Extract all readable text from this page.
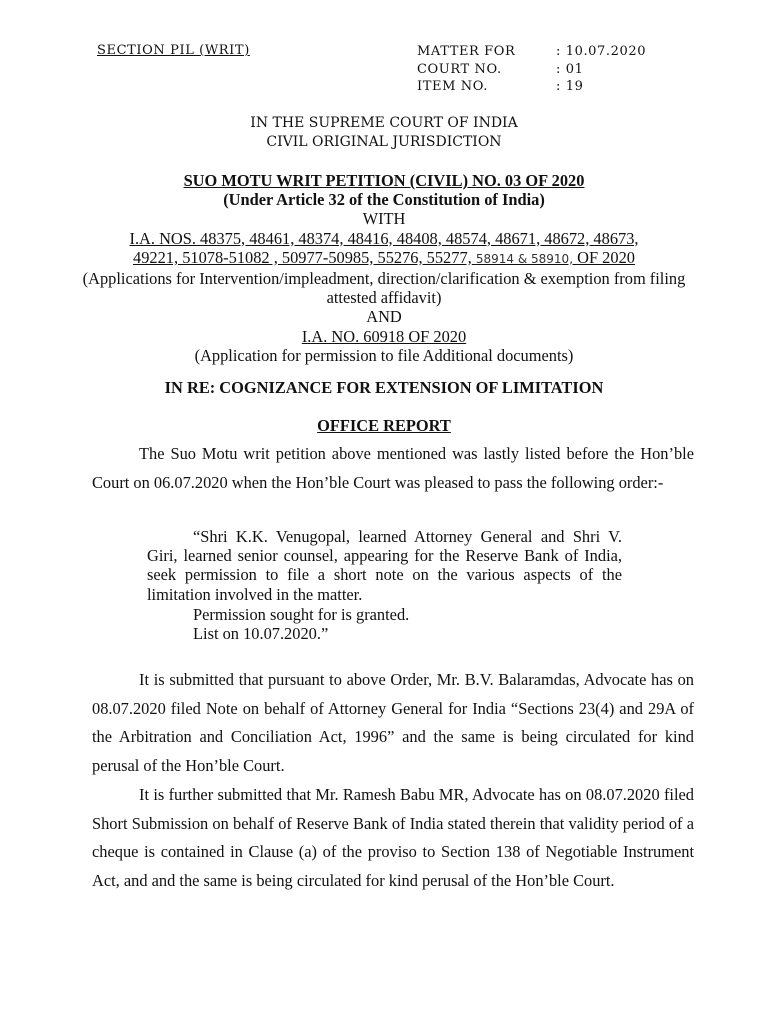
SECTION PIL (WRIT)	MATTER FOR	: 10.07.2020
COURT NO.	: 01
ITEM NO.	: 19
IN THE SUPREME COURT OF INDIA
CIVIL ORIGINAL JURISDICTION
SUO MOTU WRIT PETITION (CIVIL) NO. 03 OF 2020
(Under Article 32 of the Constitution of India)
WITH
I.A. NOS. 48375, 48461, 48374, 48416, 48408, 48574, 48671, 48672, 48673,
49221, 51078-51082 , 50977-50985, 55276, 55277, 58914 & 58910, OF 2020
(Applications for Intervention/impleadment, direction/clarification & exemption from filing attested affidavit)
AND
I.A. NO. 60918 OF 2020
(Application for permission to file Additional documents)
IN RE: COGNIZANCE FOR EXTENSION OF LIMITATION
OFFICE REPORT
The Suo Motu writ petition above mentioned was lastly listed before the Hon’ble Court on 06.07.2020 when the Hon’ble Court was pleased to pass the following order:-
“Shri K.K. Venugopal, learned Attorney General and Shri V. Giri, learned senior counsel, appearing for the Reserve Bank of India, seek permission to file a short note on the various aspects of the limitation involved in the matter.
Permission sought for is granted.
List on 10.07.2020.”
It is submitted that pursuant to above Order, Mr. B.V. Balaramdas, Advocate has on 08.07.2020 filed Note on behalf of Attorney General for India “Sections 23(4) and 29A of the Arbitration and Conciliation Act, 1996” and the same is being circulated for kind perusal of the Hon’ble Court.
It is further submitted that Mr. Ramesh Babu MR, Advocate has on 08.07.2020 filed Short Submission on behalf of Reserve Bank of India stated therein that validity period of a cheque is contained in Clause (a) of the proviso to Section 138 of Negotiable Instrument Act, and and the same is being circulated for kind perusal of the Hon’ble Court.
